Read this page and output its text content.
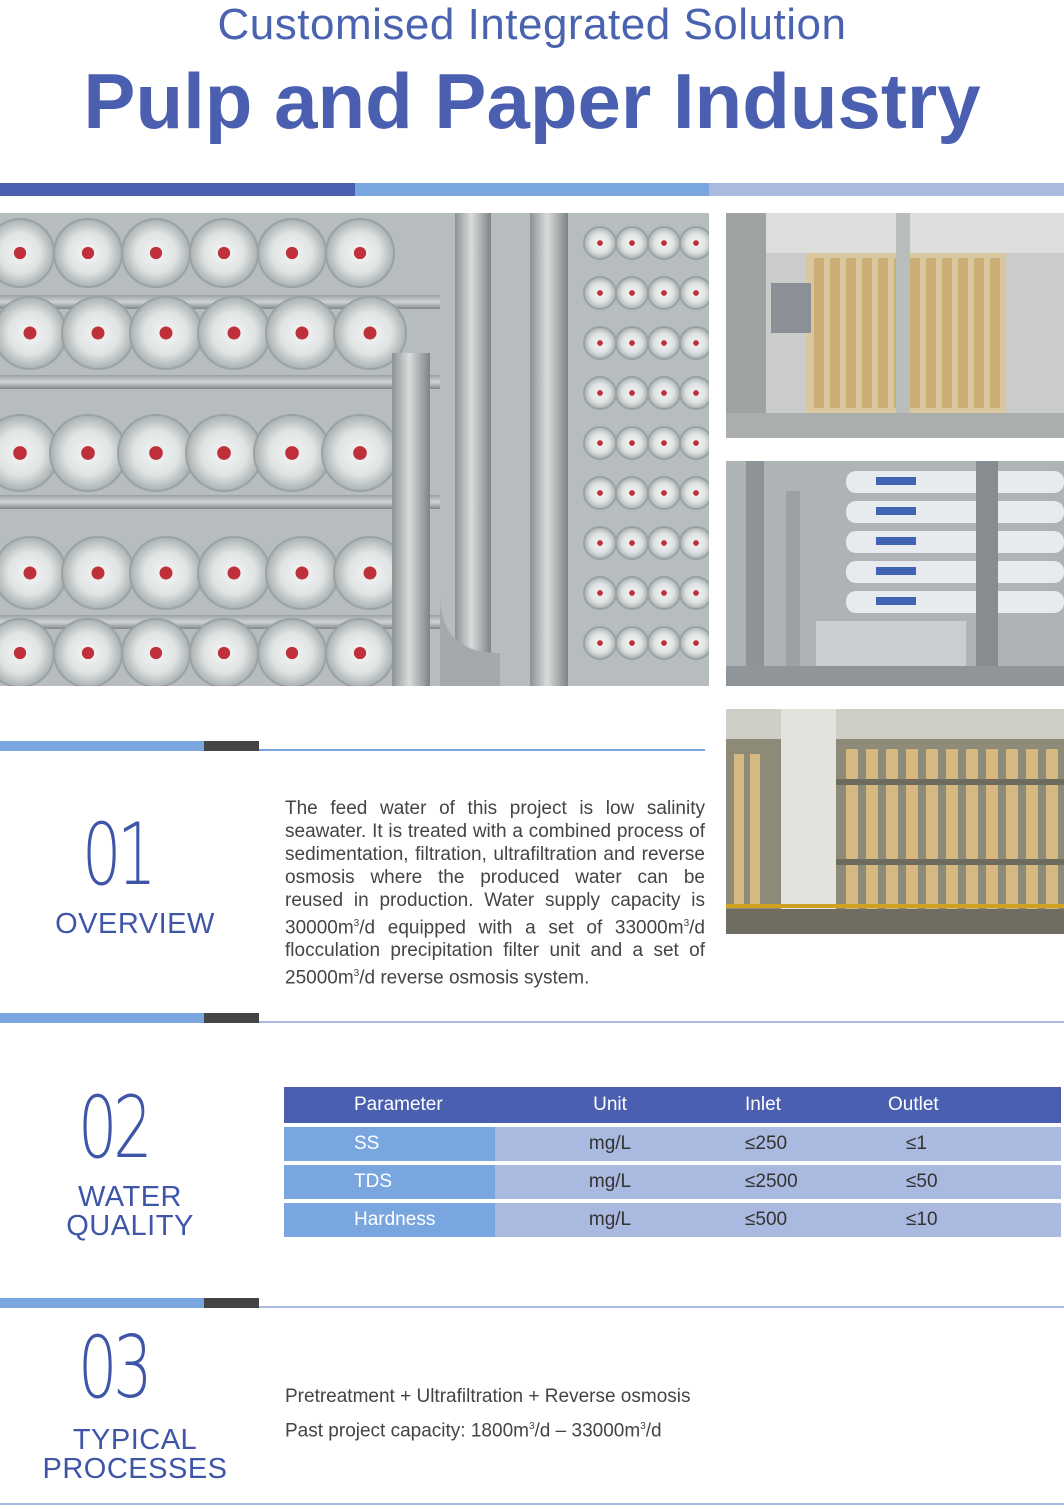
Customised Integrated Solution
Pulp and Paper Industry
01
OVERVIEW
The feed water of this project is low salinity seawater. It is treated with a combined process of sedimentation, filtration, ultrafiltration and reverse osmosis where the produced water can be reused in production. Water supply capacity is $30000m^3/d$ equipped with a set of $33000m^3/d$ flocculation precipitation filter unit and a set of $25000m^3/d$ reverse osmosis system.
02
WATER
QUALITY
Parameter	Unit	Inlet	Outlet
SS	mg/L	≤250	≤1
TDS	mg/L	≤2500	≤50
Hardness	mg/L	≤500	≤10
03
TYPICAL
PROCESSES
Pretreatment + Ultrafiltration + Reverse osmosis
Past project capacity: $1800m^3/d - 33000m^3/d$
